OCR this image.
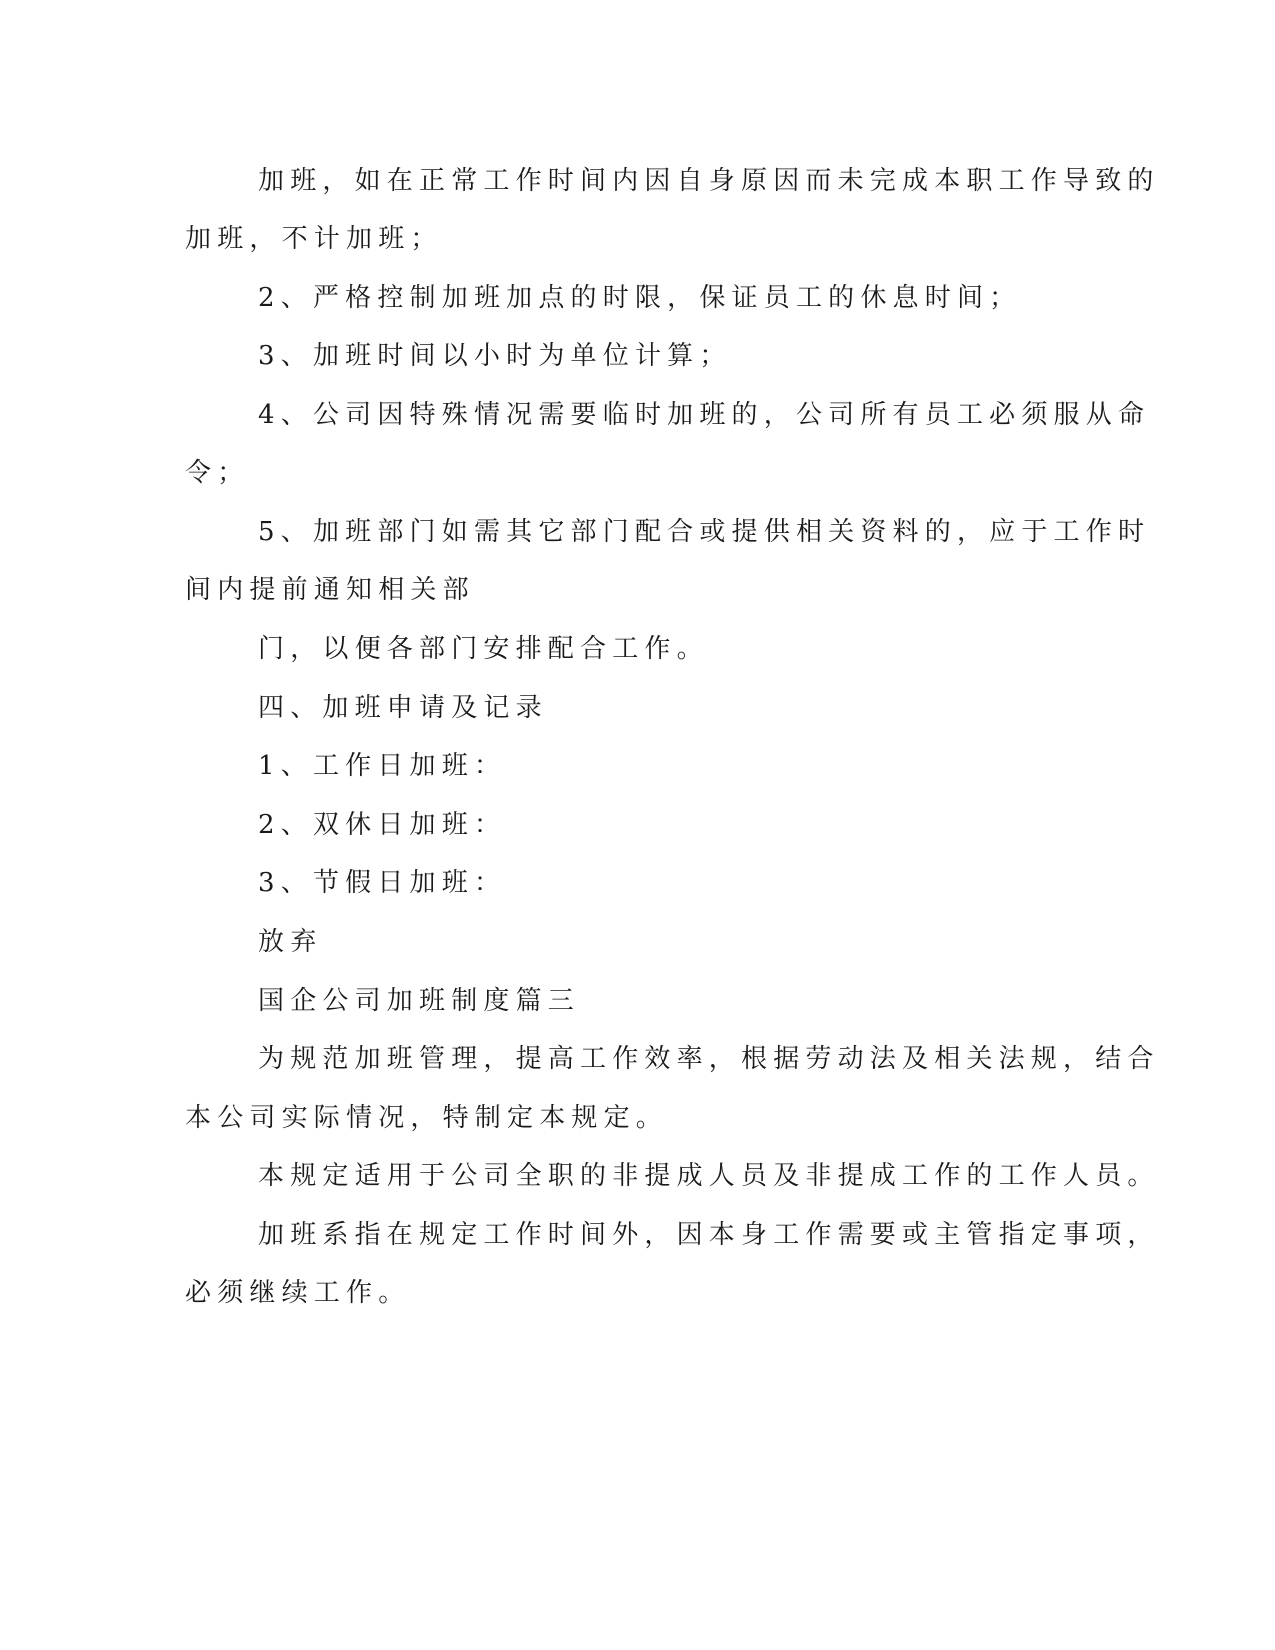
加班，如在正常工作时间内因自身原因而未完成本职工作导致的
加班，不计加班；
2、严格控制加班加点的时限，保证员工的休息时间；
3、加班时间以小时为单位计算；
4、公司因特殊情况需要临时加班的，公司所有员工必须服从命
令；
5、加班部门如需其它部门配合或提供相关资料的，应于工作时
间内提前通知相关部
门，以便各部门安排配合工作。
四、加班申请及记录
1、工作日加班：
2、双休日加班：
3、节假日加班：
放弃
国企公司加班制度篇三
为规范加班管理，提高工作效率，根据劳动法及相关法规，结合
本公司实际情况，特制定本规定。
本规定适用于公司全职的非提成人员及非提成工作的工作人员。
加班系指在规定工作时间外，因本身工作需要或主管指定事项，
必须继续工作。
